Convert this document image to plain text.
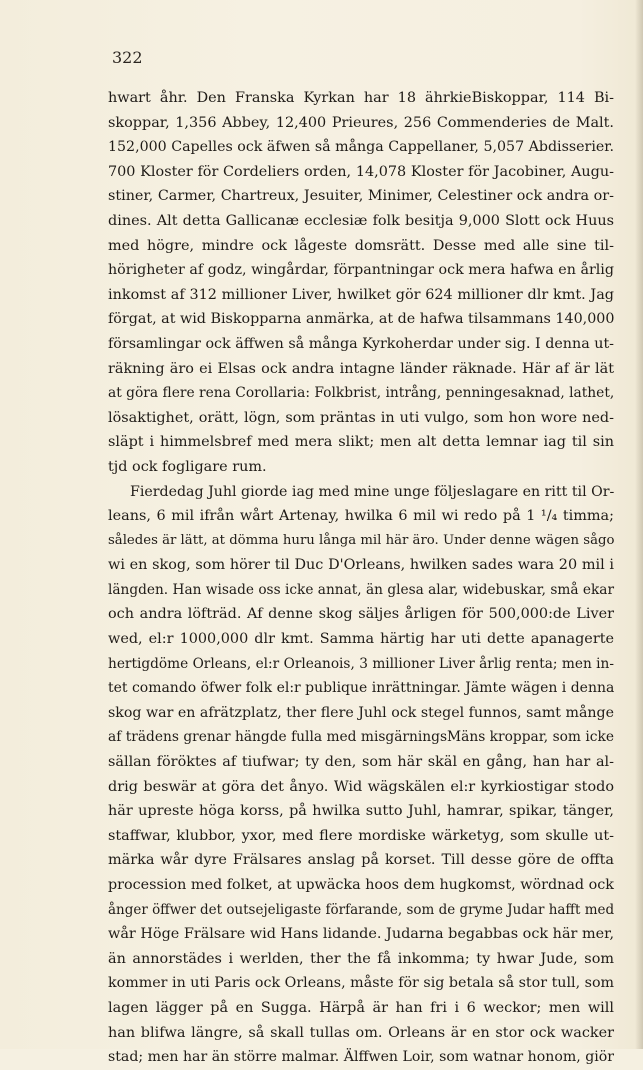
322
hwart åhr. Den Franska Kyrkan har 18 ährkieBiskoppar, 114 Bi-
skoppar, 1,356 Abbey, 12,400 Prieures, 256 Commenderies de Malt.
152,000 Capelles ock äfwen så många Cappellaner, 5,057 Abdisserier.
700 Kloster för Cordeliers orden, 14,078 Kloster för Jacobiner, Augu-
stiner, Carmer, Chartreux, Jesuiter, Minimer, Celestiner ock andra or-
dines. Alt detta Gallicanæ ecclesiæ folk besitja 9,000 Slott ock Huus
med högre, mindre ock lågeste domsrätt. Desse med alle sine til-
hörigheter af godz, wingårdar, förpantningar ock mera hafwa en årlig
inkomst af 312 millioner Liver, hwilket gör 624 millioner dlr kmt. Jag
förgat, at wid Biskopparna anmärka, at de hafwa tilsammans 140,000
församlingar ock äffwen så många Kyrkoherdar under sig. I denna ut-
räkning äro ei Elsas ock andra intagne länder räknade. Här af är lät
at göra flere rena Corollaria: Folkbrist, intrång, penningesaknad, lathet,
lösaktighet, orätt, lögn, som präntas in uti vulgo, som hon wore ned-
släpt i himmelsbref med mera slikt; men alt detta lemnar iag til sin
tjd ock fogligare rum.
Fierdedag Juhl giorde iag med mine unge följeslagare en ritt til Or-
leans, 6 mil ifrån wårt Artenay, hwilka 6 mil wi redo på 1 ¹/₄ timma;
således är lätt, at dömma huru långa mil här äro. Under denne wägen sågo
wi en skog, som hörer til Duc D'Orleans, hwilken sades wara 20 mil i
längden. Han wisade oss icke annat, än glesa alar, widebuskar, små ekar
och andra löfträd. Af denne skog säljes årligen för 500,000:de Liver
wed, el:r 1000,000 dlr kmt. Samma härtig har uti dette apanagerte
hertigdöme Orleans, el:r Orleanois, 3 millioner Liver årlig renta; men in-
tet comando öfwer folk el:r publique inrättningar. Jämte wägen i denna
skog war en afrätzplatz, ther flere Juhl ock stegel funnos, samt månge
af trädens grenar hängde fulla med misgärningsMäns kroppar, som icke
sällan föröktes af tiufwar; ty den, som här skäl en gång, han har al-
drig beswär at göra det ånyo. Wid wägskälen el:r kyrkiostigar stodo
här upreste höga korss, på hwilka sutto Juhl, hamrar, spikar, tänger,
staffwar, klubbor, yxor, med flere mordiske wärketyg, som skulle ut-
märka wår dyre Frälsares anslag på korset. Till desse göre de offta
procession med folket, at upwäcka hoos dem hugkomst, wördnad ock
ånger öffwer det outsejeligaste förfarande, som de gryme Judar hafft med
wår Höge Frälsare wid Hans lidande. Judarna begabbas ock här mer,
än annorstädes i werlden, ther the få inkomma; ty hwar Jude, som
kommer in uti Paris ock Orleans, måste för sig betala så stor tull, som
lagen lägger på en Sugga. Härpå är han fri i 6 weckor; men will
han blifwa längre, så skall tullas om. Orleans är en stor ock wacker
stad; men har än större malmar. Älffwen Loir, som watnar honom, giör
